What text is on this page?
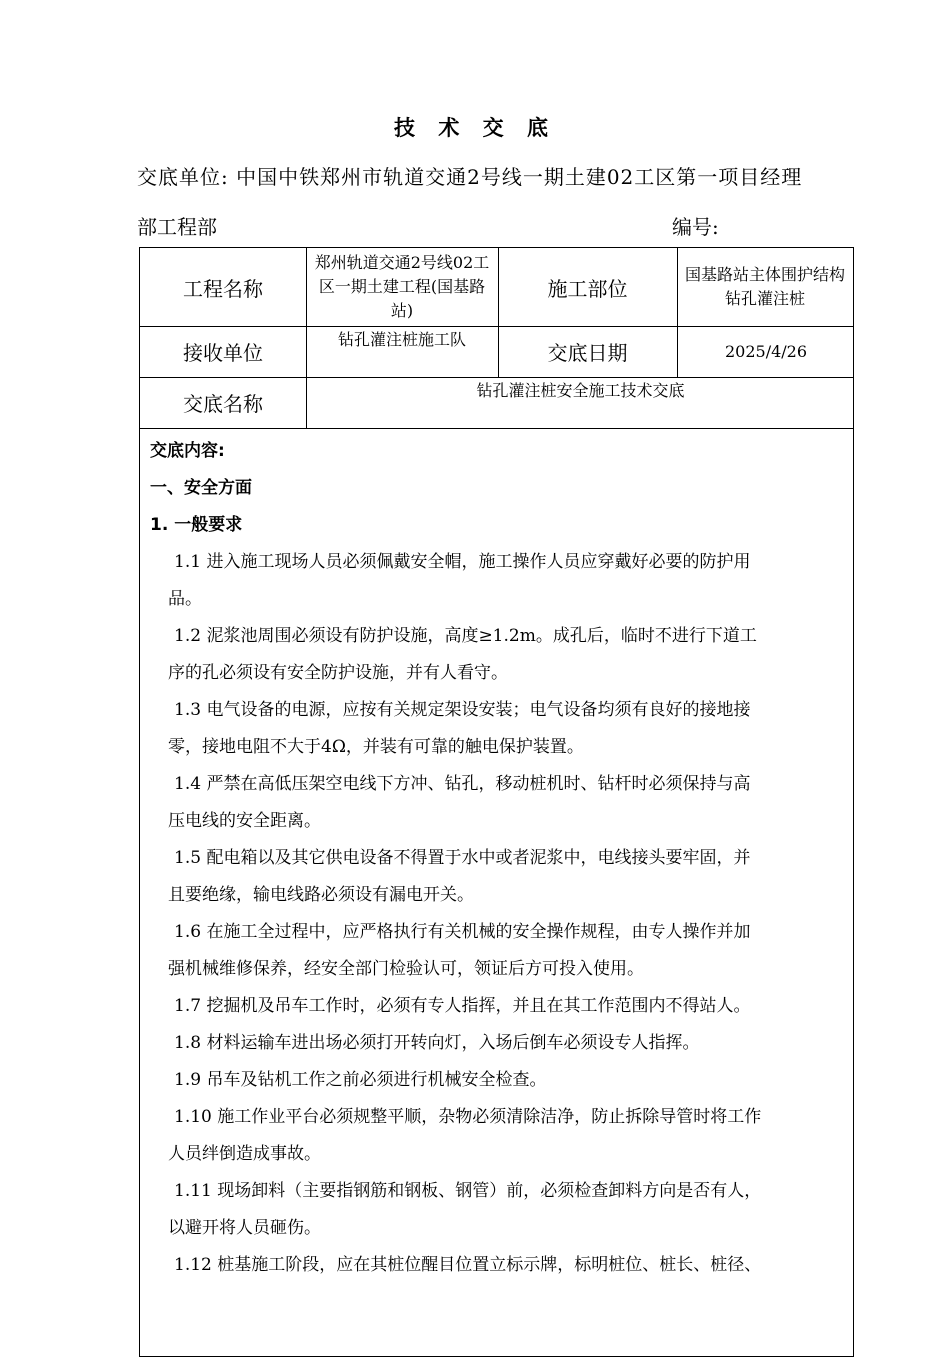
技 术 交 底
交底单位: 中国中铁郑州市轨道交通2号线一期土建02工区第一项目经理
部工程部	编号:
工程名称
郑州轨道交通2号线02工区一期土建工程(国基路站)
施工部位
国基路站主体围护结构钻孔灌注桩
接收单位
钻孔灌注桩施工队
交底日期	2025/4/26
交底名称
钻孔灌注桩安全施工技术交底
交底内容:
一、安全方面
1. 一般要求
1.1 进入施工现场人员必须佩戴安全帽，施工操作人员应穿戴好必要的防护用
品。
1.2 泥浆池周围必须设有防护设施，高度≥1.2m。成孔后，临时不进行下道工
序的孔必须设有安全防护设施，并有人看守。
1.3 电气设备的电源，应按有关规定架设安装；电气设备均须有良好的接地接
零，接地电阻不大于4Ω，并装有可靠的触电保护装置。
1.4 严禁在高低压架空电线下方冲、钻孔，移动桩机时、钻杆时必须保持与高
压电线的安全距离。
1.5 配电箱以及其它供电设备不得置于水中或者泥浆中，电线接头要牢固，并
且要绝缘，输电线路必须设有漏电开关。
1.6 在施工全过程中，应严格执行有关机械的安全操作规程，由专人操作并加
强机械维修保养，经安全部门检验认可，领证后方可投入使用。
1.7 挖掘机及吊车工作时，必须有专人指挥，并且在其工作范围内不得站人。
1.8 材料运输车进出场必须打开转向灯，入场后倒车必须设专人指挥。
1.9 吊车及钻机工作之前必须进行机械安全检查。
1.10 施工作业平台必须规整平顺，杂物必须清除洁净，防止拆除导管时将工作
人员绊倒造成事故。
1.11 现场卸料（主要指钢筋和钢板、钢管）前，必须检查卸料方向是否有人，
以避开将人员砸伤。
1.12 桩基施工阶段，应在其桩位醒目位置立标示牌，标明桩位、桩长、桩径、
